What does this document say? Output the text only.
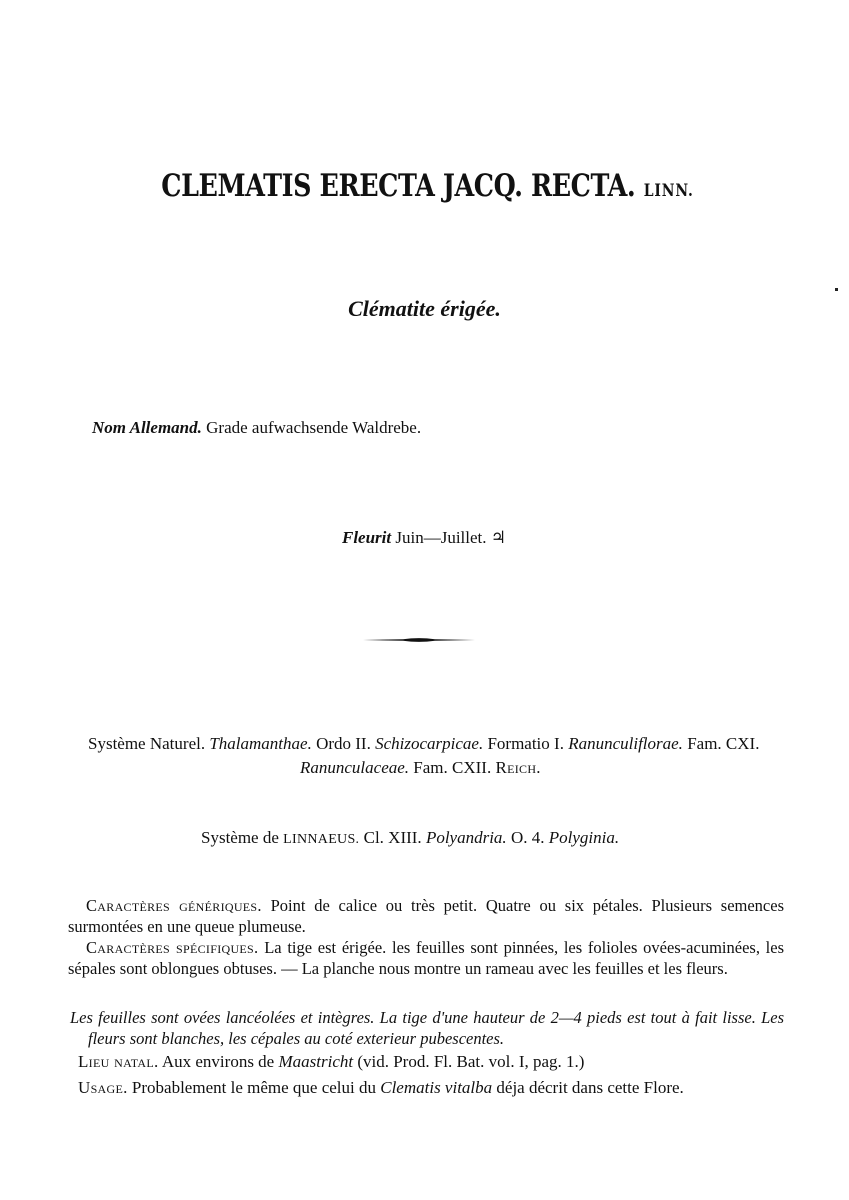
CLEMATIS ERECTA JACQ. RECTA. LINN.
Clématite érigée.
Nom Allemand. Grade aufwachsende Waldrebe.
Fleurit Juin—Juillet. ♃
Système Naturel. Thalamanthae. Ordo II. Schizocarpicae. Formatio I. Ranunculiflorae. Fam. CXI.
Ranunculaceae. Fam. CXII. Reich.
Système de LINNAEUS. Cl. XIII. Polyandria. O. 4. Polyginia.
Caractères génériques. Point de calice ou très petit. Quatre ou six pétales. Plusieurs semences surmontées en une queue plumeuse.
Caractères spécifiques. La tige est érigée. les feuilles sont pinnées, les folioles ovées-acuminées, les sépales sont oblongues obtuses. — La planche nous montre un rameau avec les feuilles et les fleurs.
Les feuilles sont ovées lancéolées et intègres. La tige d'une hauteur de 2—4 pieds est tout à fait lisse. Les fleurs sont blanches, les cépales au coté exterieur pubescentes.
Lieu natal. Aux environs de Maastricht (vid. Prod. Fl. Bat. vol. I, pag. 1.)
Usage. Probablement le même que celui du Clematis vitalba déja décrit dans cette Flore.
